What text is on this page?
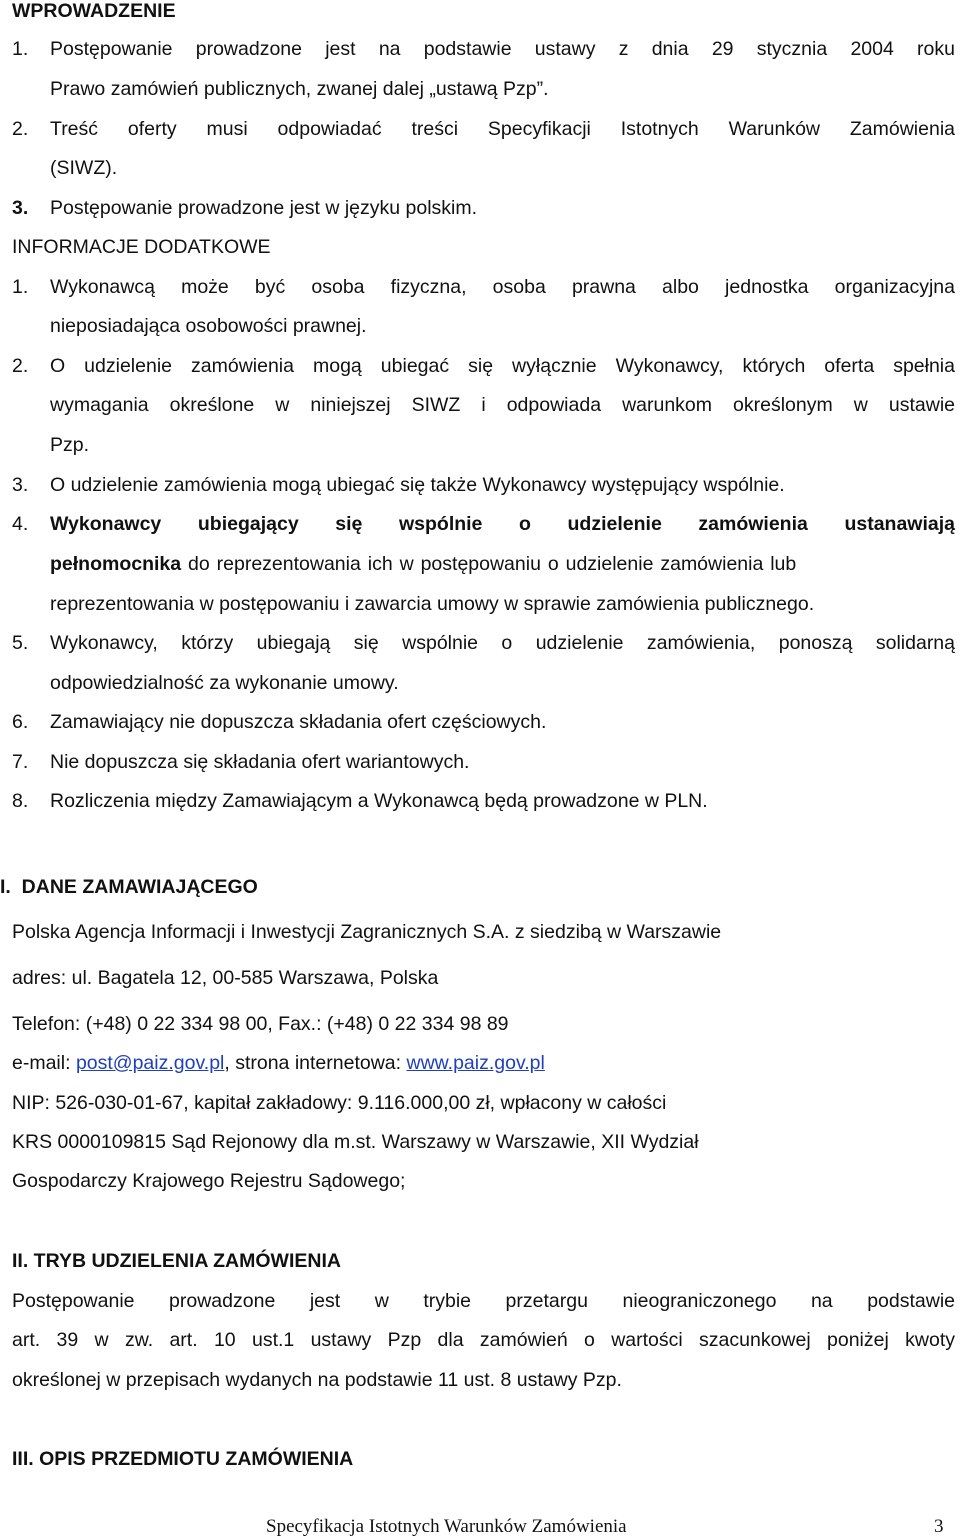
WPROWADZENIE
1. Postępowanie prowadzone jest na podstawie ustawy z dnia 29 stycznia 2004 roku
Prawo zamówień publicznych, zwanej dalej „ustawą Pzp”.
2. Treść oferty musi odpowiadać treści Specyfikacji Istotnych Warunków Zamówienia
(SIWZ).
3. Postępowanie prowadzone jest w języku polskim.
INFORMACJE DODATKOWE
1. Wykonawcą może być osoba fizyczna, osoba prawna albo jednostka organizacyjna
nieposiadająca osobowości prawnej.
2. O udzielenie zamówienia mogą ubiegać się wyłącznie Wykonawcy, których oferta spełnia
wymagania określone w niniejszej SIWZ i odpowiada warunkom określonym w ustawie
Pzp.
3. O udzielenie zamówienia mogą ubiegać się także Wykonawcy występujący wspólnie.
4. Wykonawcy ubiegający się wspólnie o udzielenie zamówienia ustanawiają
pełnomocnika do reprezentowania ich w postępowaniu o udzielenie zamówienia lub
reprezentowania w postępowaniu i zawarcia umowy w sprawie zamówienia publicznego.
5. Wykonawcy, którzy ubiegają się wspólnie o udzielenie zamówienia, ponoszą solidarną
odpowiedzialność za wykonanie umowy.
6. Zamawiający nie dopuszcza składania ofert częściowych.
7. Nie dopuszcza się składania ofert wariantowych.
8. Rozliczenia między Zamawiającym a Wykonawcą będą prowadzone w PLN.
I.  DANE ZAMAWIAJĄCEGO
Polska Agencja Informacji i Inwestycji Zagranicznych S.A. z siedzibą w Warszawie
adres: ul. Bagatela 12, 00-585 Warszawa, Polska
Telefon: (+48) 0 22 334 98 00, Fax.: (+48) 0 22 334 98 89
e-mail: post@paiz.gov.pl, strona internetowa: www.paiz.gov.pl
NIP: 526-030-01-67, kapitał zakładowy: 9.116.000,00 zł, wpłacony w całości
KRS 0000109815 Sąd Rejonowy dla m.st. Warszawy w Warszawie, XII Wydział
Gospodarczy Krajowego Rejestru Sądowego;
II. TRYB UDZIELENIA ZAMÓWIENIA
Postępowanie prowadzone jest w trybie przetargu nieograniczonego na podstawie
art. 39 w zw. art. 10 ust.1 ustawy Pzp dla zamówień o wartości szacunkowej poniżej kwoty
określonej w przepisach wydanych na podstawie 11 ust. 8 ustawy Pzp.
III. OPIS PRZEDMIOTU ZAMÓWIENIA
Specyfikacja Istotnych Warunków Zamówienia	3
